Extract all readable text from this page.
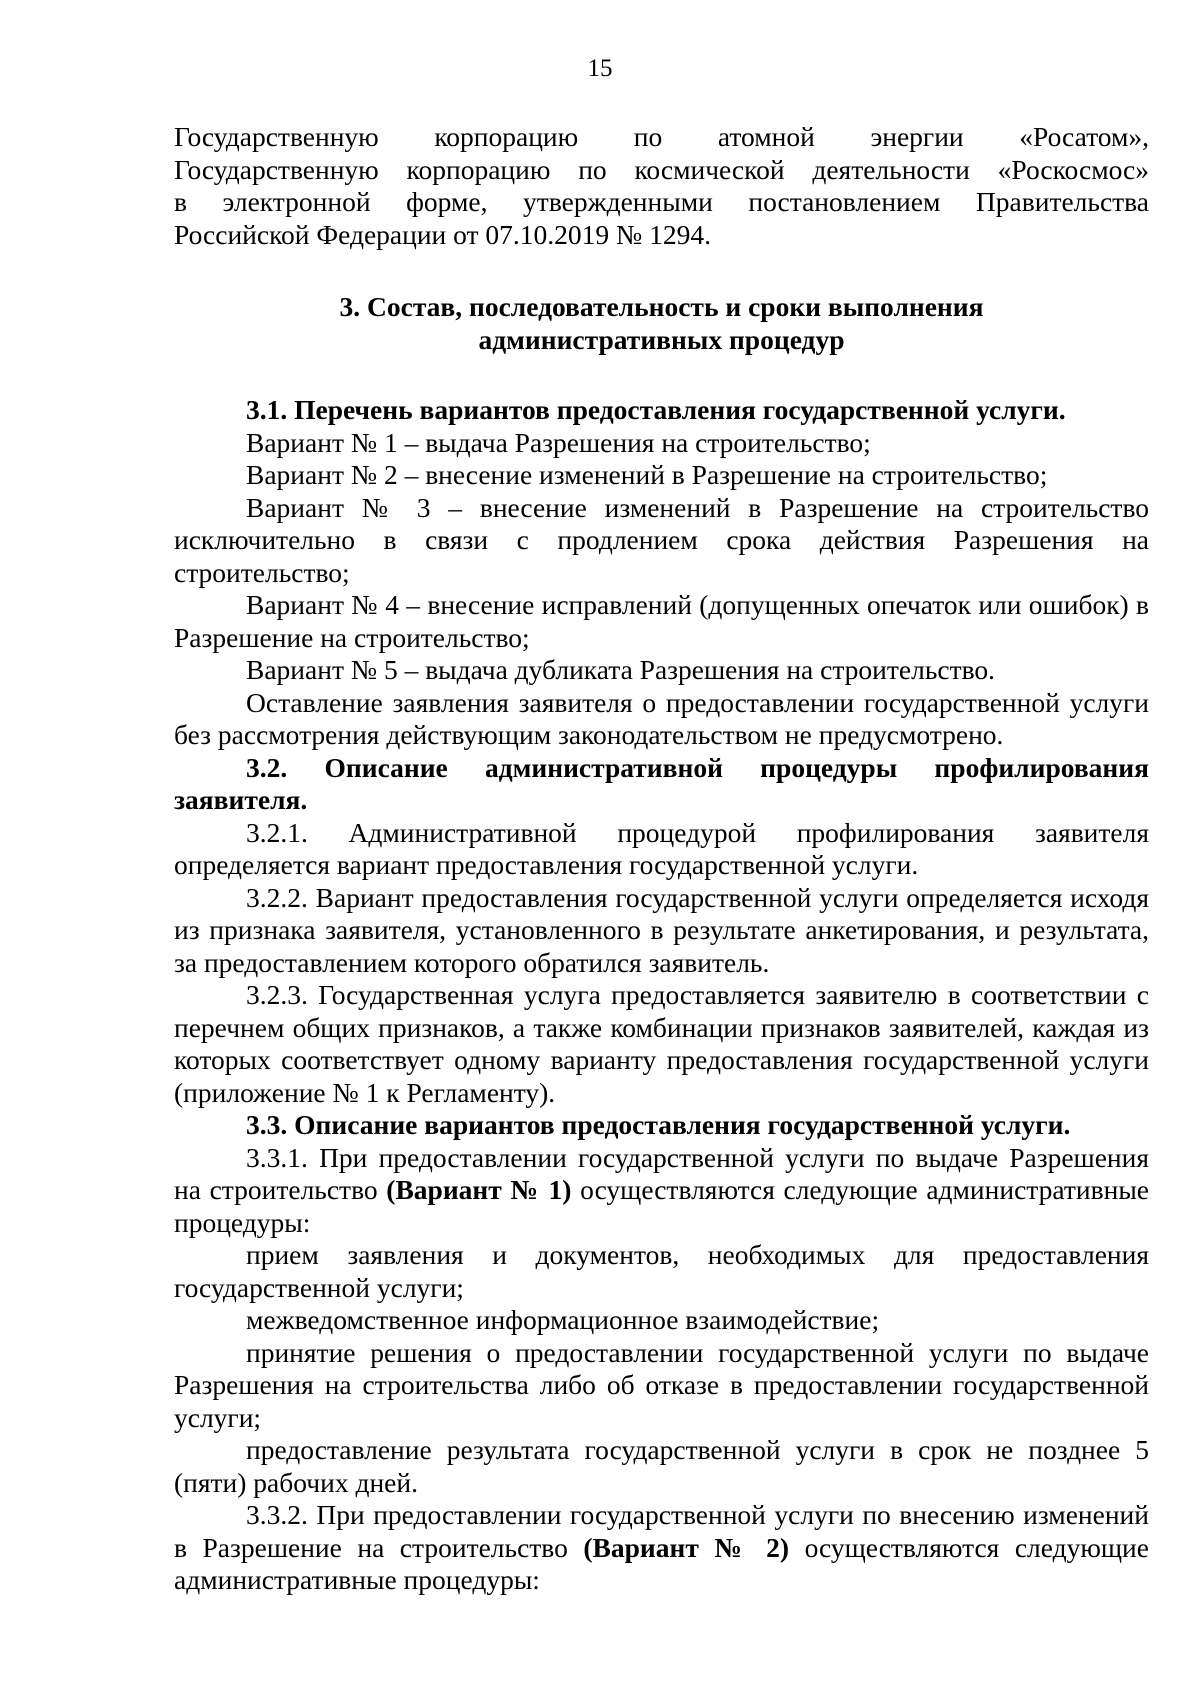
15

Государственную корпорацию по атомной энергии «Росатом»,

Государственную корпорацию по космической деятельности «Роскосмос»

в электронной форме, утвержденными постановлением Правительства

Российской Федерации от 07.10.2019 № 1294.

3. Состав, последовательность и сроки выполнения
административных процедур

3.1. Перечень вариантов предоставления государственной услуги.

Вариант № 1 – выдача Разрешения на строительство;

Вариант № 2 – внесение изменений в Разрешение на строительство;

Вариант № 3 – внесение изменений в Разрешение на строительство исключительно в связи с продлением срока действия Разрешения на строительство;

Вариант № 4 – внесение исправлений (допущенных опечаток или ошибок) в Разрешение на строительство;

Вариант № 5 – выдача дубликата Разрешения на строительство.

Оставление заявления заявителя о предоставлении государственной услуги без рассмотрения действующим законодательством не предусмотрено.

3.2. Описание административной процедуры профилирования заявителя.

3.2.1. Административной процедурой профилирования заявителя определяется вариант предоставления государственной услуги.

3.2.2. Вариант предоставления государственной услуги определяется исходя из признака заявителя, установленного в результате анкетирования, и результата, за предоставлением которого обратился заявитель.

3.2.3. Государственная услуга предоставляется заявителю в соответствии с перечнем общих признаков, а также комбинации признаков заявителей, каждая из которых соответствует одному варианту предоставления государственной услуги (приложение № 1 к Регламенту).

3.3. Описание вариантов предоставления государственной услуги.

3.3.1. При предоставлении государственной услуги по выдаче Разрешения на строительство (Вариант № 1) осуществляются следующие административные процедуры:

прием заявления и документов, необходимых для предоставления государственной услуги;

межведомственное информационное взаимодействие;

принятие решения о предоставлении государственной услуги по выдаче Разрешения на строительства либо об отказе в предоставлении государственной услуги;

предоставление результата государственной услуги в срок не позднее 5 (пяти) рабочих дней.

3.3.2. При предоставлении государственной услуги по внесению изменений в Разрешение на строительство (Вариант № 2) осуществляются следующие административные процедуры:
